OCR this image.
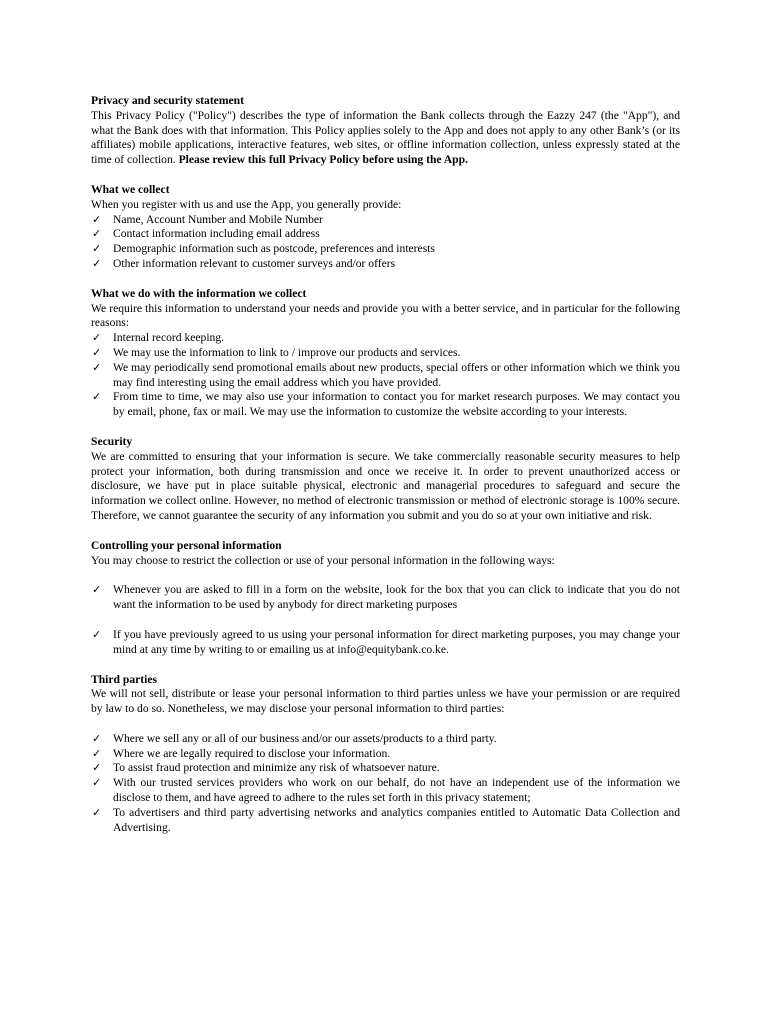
Privacy and security statement

This Privacy Policy ("Policy") describes the type of information the Bank collects through the Eazzy 247 (the "App"), and what the Bank does with that information. This Policy applies solely to the App and does not apply to any other Bank’s (or its affiliates) mobile applications, interactive features, web sites, or offline information collection, unless expressly stated at the time of collection. Please review this full Privacy Policy before using the App.

What we collect

When you register with us and use the App, you generally provide:

✓ Name, Account Number and Mobile Number
✓ Contact information including email address
✓ Demographic information such as postcode, preferences and interests
✓ Other information relevant to customer surveys and/or offers

What we do with the information we collect

We require this information to understand your needs and provide you with a better service, and in particular for the following reasons:

✓ Internal record keeping.
✓ We may use the information to link to / improve our products and services.
✓ We may periodically send promotional emails about new products, special offers or other information which we think you may find interesting using the email address which you have provided.
✓ From time to time, we may also use your information to contact you for market research purposes. We may contact you by email, phone, fax or mail. We may use the information to customize the website according to your interests.

Security

We are committed to ensuring that your information is secure. We take commercially reasonable security measures to help protect your information, both during transmission and once we receive it. In order to prevent unauthorized access or disclosure, we have put in place suitable physical, electronic and managerial procedures to safeguard and secure the information we collect online. However, no method of electronic transmission or method of electronic storage is 100% secure. Therefore, we cannot guarantee the security of any information you submit and you do so at your own initiative and risk.

Controlling your personal information

You may choose to restrict the collection or use of your personal information in the following ways:

✓ Whenever you are asked to fill in a form on the website, look for the box that you can click to indicate that you do not want the information to be used by anybody for direct marketing purposes
✓ If you have previously agreed to us using your personal information for direct marketing purposes, you may change your mind at any time by writing to or emailing us at info@equitybank.co.ke.

Third parties

We will not sell, distribute or lease your personal information to third parties unless we have your permission or are required by law to do so. Nonetheless, we may disclose your personal information to third parties:

✓ Where we sell any or all of our business and/or our assets/products to a third party.
✓ Where we are legally required to disclose your information.
✓ To assist fraud protection and minimize any risk of whatsoever nature.
✓ With our trusted services providers who work on our behalf, do not have an independent use of the information we disclose to them, and have agreed to adhere to the rules set forth in this privacy statement;
✓ To advertisers and third party advertising networks and analytics companies entitled to Automatic Data Collection and Advertising.
